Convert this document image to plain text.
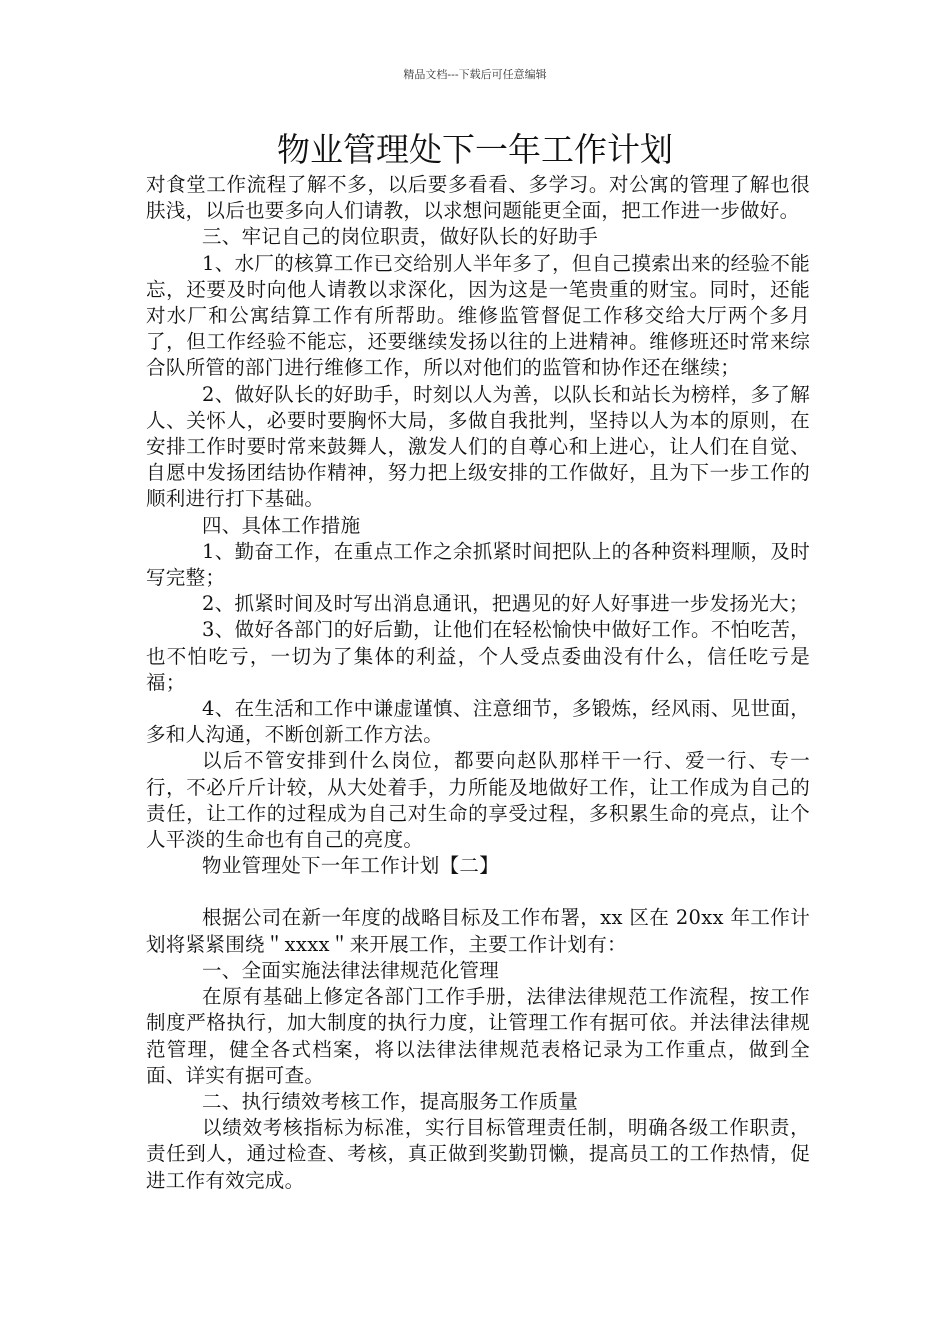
精品文档---下载后可任意编辑
物业管理处下一年工作计划

对食堂工作流程了解不多，以后要多看看、多学习。对公寓的管理了解也很肤浅，以后也要多向人们请教，以求想问题能更全面，把工作进一步做好。

三、牢记自己的岗位职责，做好队长的好助手

1、水厂的核算工作已交给别人半年多了，但自己摸索出来的经验不能忘，还要及时向他人请教以求深化，因为这是一笔贵重的财宝。同时，还能对水厂和公寓结算工作有所帮助。维修监管督促工作移交给大厅两个多月了，但工作经验不能忘，还要继续发扬以往的上进精神。维修班还时常来综合队所管的部门进行维修工作，所以对他们的监管和协作还在继续；

2、做好队长的好助手，时刻以人为善，以队长和站长为榜样，多了解人、关怀人，必要时要胸怀大局，多做自我批判，坚持以人为本的原则，在安排工作时要时常来鼓舞人，激发人们的自尊心和上进心，让人们在自觉、自愿中发扬团结协作精神，努力把上级安排的工作做好，且为下一步工作的顺利进行打下基础。

四、具体工作措施

1、勤奋工作，在重点工作之余抓紧时间把队上的各种资料理顺，及时写完整；

2、抓紧时间及时写出消息通讯，把遇见的好人好事进一步发扬光大；

3、做好各部门的好后勤，让他们在轻松愉快中做好工作。不怕吃苦，也不怕吃亏，一切为了集体的利益，个人受点委曲没有什么，信任吃亏是福；

4、在生活和工作中谦虚谨慎、注意细节，多锻炼，经风雨、见世面，多和人沟通，不断创新工作方法。

以后不管安排到什么岗位，都要向赵队那样干一行、爱一行、专一行，不必斤斤计较，从大处着手，力所能及地做好工作，让工作成为自己的责任，让工作的过程成为自己对生命的享受过程，多积累生命的亮点，让个人平淡的生命也有自己的亮度。

物业管理处下一年工作计划【二】

根据公司在新一年度的战略目标及工作布署，xx 区在 20xx 年工作计划将紧紧围绕＂xxxx＂来开展工作，主要工作计划有：

一、全面实施法律法律规范化管理

在原有基础上修定各部门工作手册，法律法律规范工作流程，按工作制度严格执行，加大制度的执行力度，让管理工作有据可依。并法律法律规范管理，健全各式档案，将以法律法律规范表格记录为工作重点，做到全面、详实有据可查。

二、执行绩效考核工作，提高服务工作质量

以绩效考核指标为标准，实行目标管理责任制，明确各级工作职责，责任到人，通过检查、考核，真正做到奖勤罚懒，提高员工的工作热情，促进工作有效完成。
